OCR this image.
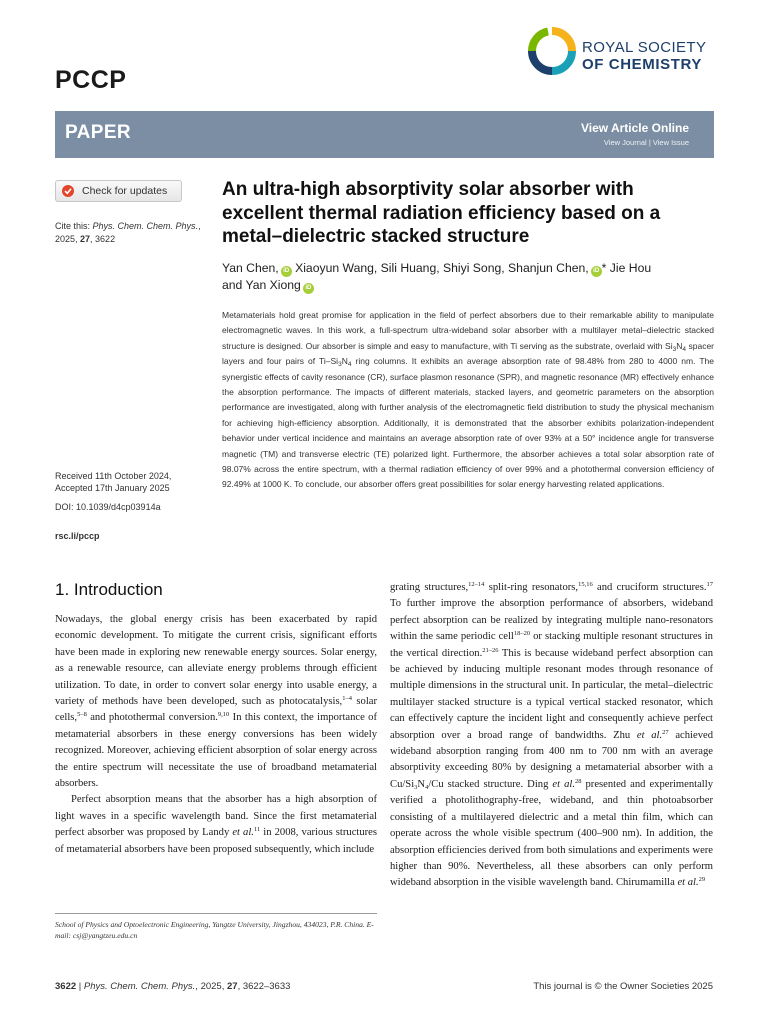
PCCP
ROYAL SOCIETY
OF CHEMISTRY
PAPER	View Article Online
View Journal | View Issue
Check for updates
Cite this: Phys. Chem. Chem. Phys., 2025, 27, 3622
Received 11th October 2024,
Accepted 17th January 2025
DOI: 10.1039/d4cp03914a
rsc.li/pccp
An ultra-high absorptivity solar absorber with excellent thermal radiation efficiency based on a metal–dielectric stacked structure
Yan Chen, iD Xiaoyun Wang, Sili Huang, Shiyi Song, Shanjun Chen, iD * Jie Hou
and Yan Xiong iD
Metamaterials hold great promise for application in the field of perfect absorbers due to their remarkable ability to manipulate electromagnetic waves. In this work, a full-spectrum ultra-wideband solar absorber with a multilayer metal–dielectric stacked structure is designed. Our absorber is simple and easy to manufacture, with Ti serving as the substrate, overlaid with $Si_3N_4$ spacer layers and four pairs of $Ti-Si_3N_4$ ring columns. It exhibits an average absorption rate of 98.48% from 280 to 4000 nm. The synergistic effects of cavity resonance (CR), surface plasmon resonance (SPR), and magnetic resonance (MR) effectively enhance the absorption performance. The impacts of different materials, stacked layers, and geometric parameters on the absorption performance are investigated, along with further analysis of the electromagnetic field distribution to study the physical mechanism for achieving high-efficiency absorption. Additionally, it is demonstrated that the absorber exhibits polarization-independent behavior under vertical incidence and maintains an average absorption rate of over 93% at a 50° incidence angle for transverse magnetic (TM) and transverse electric (TE) polarized light. Furthermore, the absorber achieves a total solar absorption rate of 98.07% across the entire spectrum, with a thermal radiation efficiency of over 99% and a photothermal conversion efficiency of 92.49% at 1000 K. To conclude, our absorber offers great possibilities for solar energy harvesting related applications.
1. Introduction

Nowadays, the global energy crisis has been exacerbated by rapid economic development. To mitigate the current crisis, significant efforts have been made in exploring new renewable energy sources. Solar energy, as a renewable resource, can alleviate energy problems through efficient utilization. To date, in order to convert solar energy into usable energy, a variety of methods have been developed, such as photocatalysis,$^{1-4}$ solar cells,$^{5-8}$ and photothermal conversion.$^{9,10}$ In this context, the importance of metamaterial absorbers in these energy conversions has been widely recognized. Moreover, achieving efficient absorption of solar energy across the entire spectrum will necessitate the use of broadband metamaterial absorbers.

Perfect absorption means that the absorber has a high absorption of light waves in a specific wavelength band. Since the first metamaterial perfect absorber was proposed by Landy et al.$^{11}$ in 2008, various structures of metamaterial absorbers have been proposed subsequently, which include

grating structures,$^{12-14}$ split-ring resonators,$^{15,16}$ and cruciform structures.$^{17}$ To further improve the absorption performance of absorbers, wideband perfect absorption can be realized by integrating multiple nano-resonators within the same periodic cell$^{18-20}$ or stacking multiple resonant structures in the vertical direction.$^{21-26}$ This is because wideband perfect absorption can be achieved by inducing multiple resonant modes through resonance of multiple dimensions in the structural unit. In particular, the metal–dielectric multilayer stacked structure is a typical vertical stacked resonator, which can effectively capture the incident light and consequently achieve perfect absorption over a broad range of bandwidths. Zhu et al.$^{27}$ achieved wideband absorption ranging from 400 nm to 700 nm with an average absorptivity exceeding 80% by designing a metamaterial absorber with a $Cu/Si_3N_4/Cu$ stacked structure. Ding et al.$^{28}$ presented and experimentally verified a photolithography-free, wideband, and thin photoabsorber consisting of a multilayered dielectric and a metal thin film, which can operate across the whole visible spectrum (400–900 nm). In addition, the absorption efficiencies derived from both simulations and experiments were higher than 90%. Nevertheless, all these absorbers can only perform wideband absorption in the visible wavelength band. Chirumamilla et al.$^{29}$

School of Physics and Optoelectronic Engineering, Yangtze University, Jingzhou, 434023, P.R. China. E-mail: csj@yangtzeu.edu.cn
3622 | Phys. Chem. Chem. Phys., 2025, 27, 3622–3633	This journal is © the Owner Societies 2025
